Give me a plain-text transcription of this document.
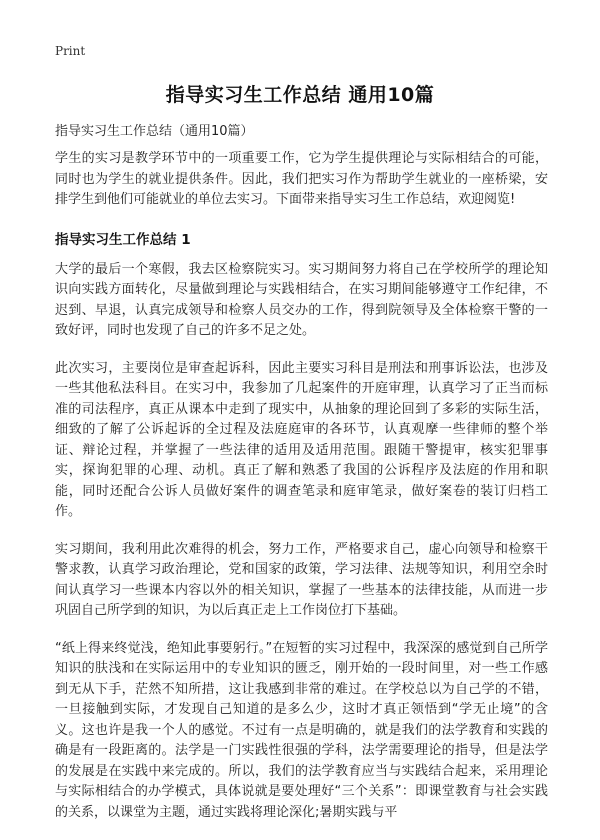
Print
指导实习生工作总结 通用10篇
指导实习生工作总结（通用10篇）

学生的实习是教学环节中的一项重要工作，它为学生提供理论与实际相结合的可能，同时也为学生的就业提供条件。因此，我们把实习作为帮助学生就业的一座桥梁，安排学生到他们可能就业的单位去实习。下面带来指导实习生工作总结，欢迎阅览!

指导实习生工作总结 1

大学的最后一个寒假，我去区检察院实习。实习期间努力将自己在学校所学的理论知识向实践方面转化，尽量做到理论与实践相结合，在实习期间能够遵守工作纪律，不迟到、早退，认真完成领导和检察人员交办的工作，得到院领导及全体检察干警的一致好评，同时也发现了自己的许多不足之处。

此次实习，主要岗位是审查起诉科，因此主要实习科目是刑法和刑事诉讼法，也涉及一些其他私法科目。在实习中，我参加了几起案件的开庭审理，认真学习了正当而标准的司法程序，真正从课本中走到了现实中，从抽象的理论回到了多彩的实际生活，细致的了解了公诉起诉的全过程及法庭庭审的各环节，认真观摩一些律师的整个举证、辩论过程，并掌握了一些法律的适用及适用范围。跟随干警提审，核实犯罪事实，探询犯罪的心理、动机。真正了解和熟悉了我国的公诉程序及法庭的作用和职能，同时还配合公诉人员做好案件的调查笔录和庭审笔录，做好案卷的装订归档工作。

实习期间，我利用此次难得的机会，努力工作，严格要求自己，虚心向领导和检察干警求教，认真学习政治理论，党和国家的政策，学习法律、法规等知识，利用空余时间认真学习一些课本内容以外的相关知识，掌握了一些基本的法律技能，从而进一步巩固自己所学到的知识，为以后真正走上工作岗位打下基础。

“纸上得来终觉浅，绝知此事要躬行。”在短暂的实习过程中，我深深的感觉到自己所学知识的肤浅和在实际运用中的专业知识的匮乏，刚开始的一段时间里，对一些工作感到无从下手，茫然不知所措，这让我感到非常的难过。在学校总以为自己学的不错，一旦接触到实际，才发现自己知道的是多么少，这时才真正领悟到“学无止境”的含义。这也许是我一个人的感觉。不过有一点是明确的，就是我们的法学教育和实践的确是有一段距离的。法学是一门实践性很强的学科，法学需要理论的指导，但是法学的发展是在实践中来完成的。所以，我们的法学教育应当与实践结合起来，采用理论与实际相结合的办学模式，具体说就是要处理好“三个关系”：即课堂教育与社会实践的关系，以课堂为主题，通过实践将理论深化;暑期实践与平
